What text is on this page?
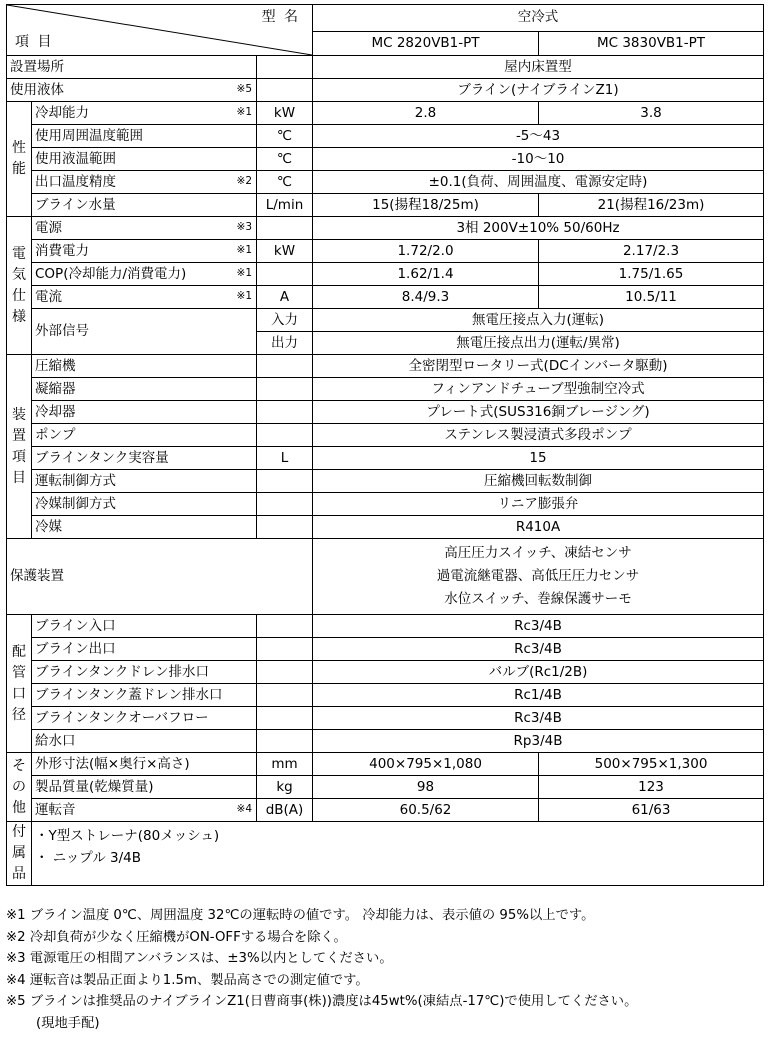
型 名
項 目			空冷式	
			MC 2820VB1-PT	MC 3830VB1-PT
設置場所			屋内床置型	
使用液体 ※5			ブライン(ナイブラインZ1)	

性
能	冷却能力 ※1	kW	2.8	3.8
	使用周囲温度範囲	℃	-5〜43	
	使用液温範囲	℃	-10〜10	
	出口温度精度 ※2	℃	±0.1(負荷、周囲温度、電源安定時)	
	ブライン水量	L/min	15(揚程18/25m)	21(揚程16/23m)

電
気
仕
様	電源 ※3		3相 200V±10% 50/60Hz	
	消費電力 ※1	kW	1.72/2.0	2.17/2.3
	COP(冷却能力/消費電力) ※1		1.62/1.4	1.75/1.65
	電流 ※1	A	8.4/9.3	10.5/11
	外部信号	入力	無電圧接点入力(運転)	
		出力	無電圧接点出力(運転/異常)	

装
置
項
目	圧縮機		全密閉型ロータリー式(DCインバータ駆動)	
	凝縮器		フィンアンドチューブ型強制空冷式	
	冷却器		プレート式(SUS316銅ブレージング)	
	ポンプ		ステンレス製浸漬式多段ポンプ	
	ブラインタンク実容量	L	15	
	運転制御方式		圧縮機回転数制御	
	冷媒制御方式		リニア膨張弁	
	冷媒		R410A	
保護装置			高圧圧力スイッチ、凍結センサ
過電流継電器、高低圧圧力センサ
水位スイッチ、巻線保護サーモ	

配
管
口
径	ブライン入口		Rc3/4B	
	ブライン出口		Rc3/4B	
	ブラインタンクドレン排水口		バルブ(Rc1/2B)	
	ブラインタンク蓋ドレン排水口		Rc1/4B	
	ブラインタンクオーバフロー		Rc3/4B	
	給水口		Rp3/4B	

そ
の
他	外形寸法(幅×奥行×高さ)	mm	400×795×1,080	500×795×1,300
	製品質量(乾燥質量)	kg	98	123
	運転音 ※4	dB(A)	60.5/62	61/63

付
属
品	・Y型ストレーナ(80メッシュ)
・ ニップル 3/4B			
※1 ブライン温度 0℃、周囲温度 32℃の運転時の値です。 冷却能力は、表示値の 95%以上です。
※2 冷却負荷が少なく圧縮機がON-OFFする場合を除く。
※3 電源電圧の相間アンバランスは、±3%以内としてください。
※4 運転音は製品正面より1.5m、製品高さでの測定値です。
※5 ブラインは推奨品のナイブラインZ1(日曹商事(株))濃度は45wt%(凍結点-17℃)で使用してください。
(現地手配)
